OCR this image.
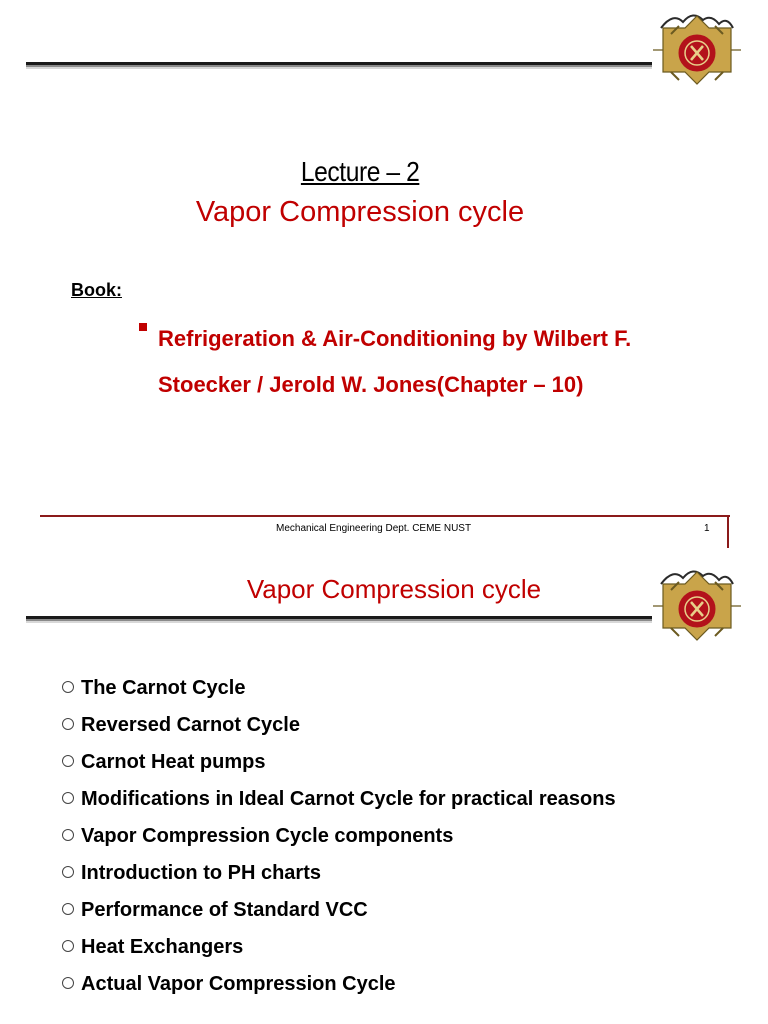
Lecture – 2
Vapor Compression cycle
Book:
Refrigeration & Air-Conditioning by Wilbert F.
Stoecker / Jerold W. Jones(Chapter – 10)
Mechanical Engineering Dept. CEME NUST	1
Vapor Compression cycle
The Carnot Cycle
Reversed Carnot Cycle
Carnot Heat pumps
Modifications in Ideal Carnot Cycle for practical reasons
Vapor Compression Cycle components
Introduction to PH charts
Performance of Standard VCC
Heat Exchangers
Actual Vapor Compression Cycle
